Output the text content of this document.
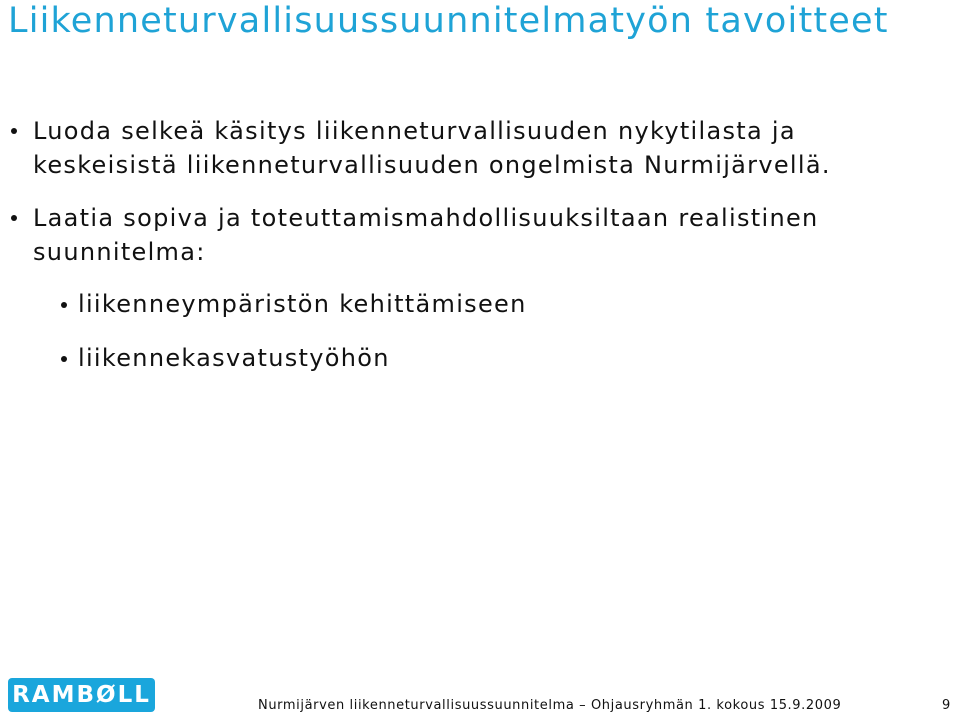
Liikenneturvallisuussuunnitelmatyön tavoitteet
Luoda selkeä käsitys liikenneturvallisuuden nykytilasta ja keskeisistä liikenneturvallisuuden ongelmista Nurmijärvellä.
Laatia sopiva ja toteuttamismahdollisuuksiltaan realistinen suunnitelma:
liikenneympäristön kehittämiseen
liikennekasvatustyöhön
RAMBØLL	Nurmijärven liikenneturvallisuussuunnitelma – Ohjausryhmän 1. kokous 15.9.2009	9
